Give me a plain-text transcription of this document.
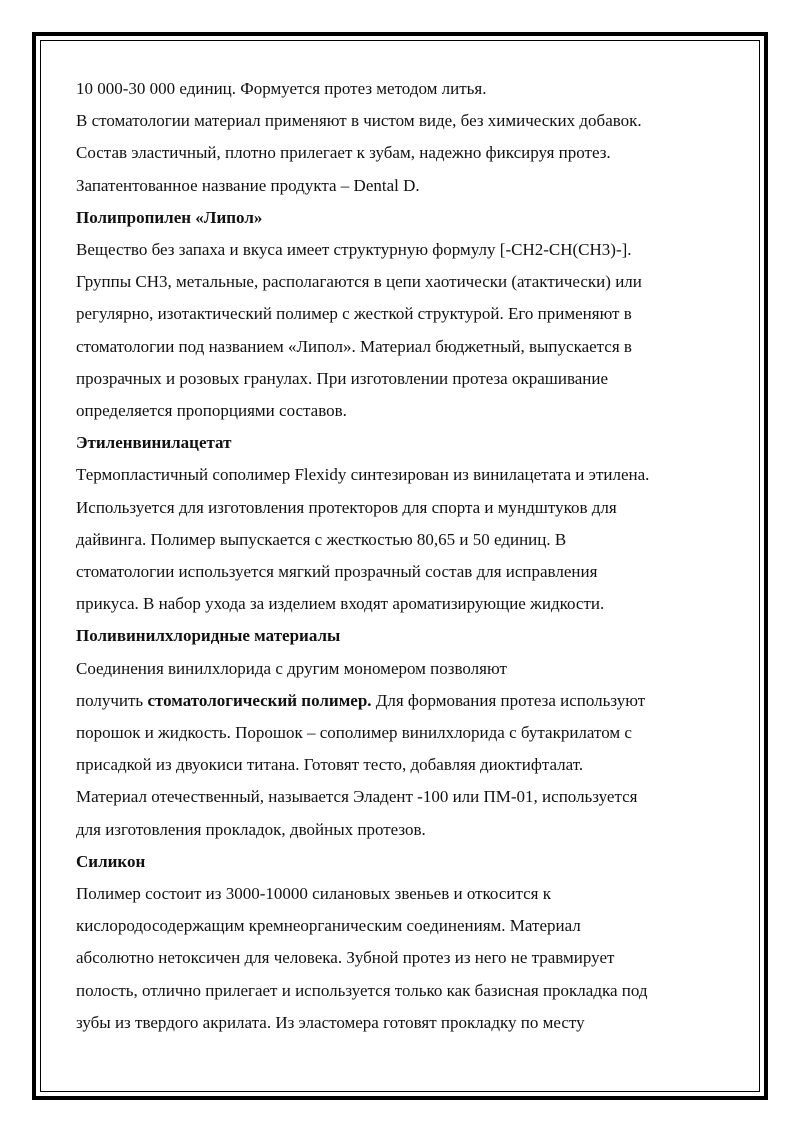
10 000-30 000 единиц. Формуется протез методом литья.
В стоматологии материал применяют в чистом виде, без химических добавок.
Состав эластичный, плотно прилегает к зубам, надежно фиксируя протез.
Запатентованное название продукта – Dental D.
Полипропилен «Липол»
Вещество без запаха и вкуса имеет структурную формулу [-CH2-CH(CH3)-].
Группы CH3, метальные, располагаются в цепи хаотически (атактически) или
регулярно, изотактический полимер с жесткой структурой. Его применяют в
стоматологии под названием «Липол». Материал бюджетный, выпускается в
прозрачных и розовых гранулах. При изготовлении протеза окрашивание
определяется пропорциями составов.
Этиленвинилацетат
Термопластичный сополимер Flexidy синтезирован из винилацетата и этилена.
Используется для изготовления протекторов для спорта и мундштуков для
дайвинга. Полимер выпускается с жесткостью 80,65 и 50 единиц. В
стоматологии используется мягкий прозрачный состав для исправления
прикуса. В набор ухода за изделием входят ароматизирующие жидкости.
Поливинилхлоридные материалы
Соединения винилхлорида с другим мономером позволяют
получить стоматологический полимер. Для формования протеза используют
порошок и жидкость. Порошок – сополимер винилхлорида с бутакрилатом с
присадкой из двуокиси титана. Готовят тесто, добавляя диоктифталат.
Материал отечественный, называется Эладент -100 или ПМ-01, используется
для изготовления прокладок, двойных протезов.
Силикон
Полимер состоит из 3000-10000 силановых звеньев и откосится к
кислородосодержащим кремнеорганическим соединениям. Материал
абсолютно нетоксичен для человека. Зубной протез из него не травмирует
полость, отлично прилегает и используется только как базисная прокладка под
зубы из твердого акрилата. Из эластомера готовят прокладку по месту
